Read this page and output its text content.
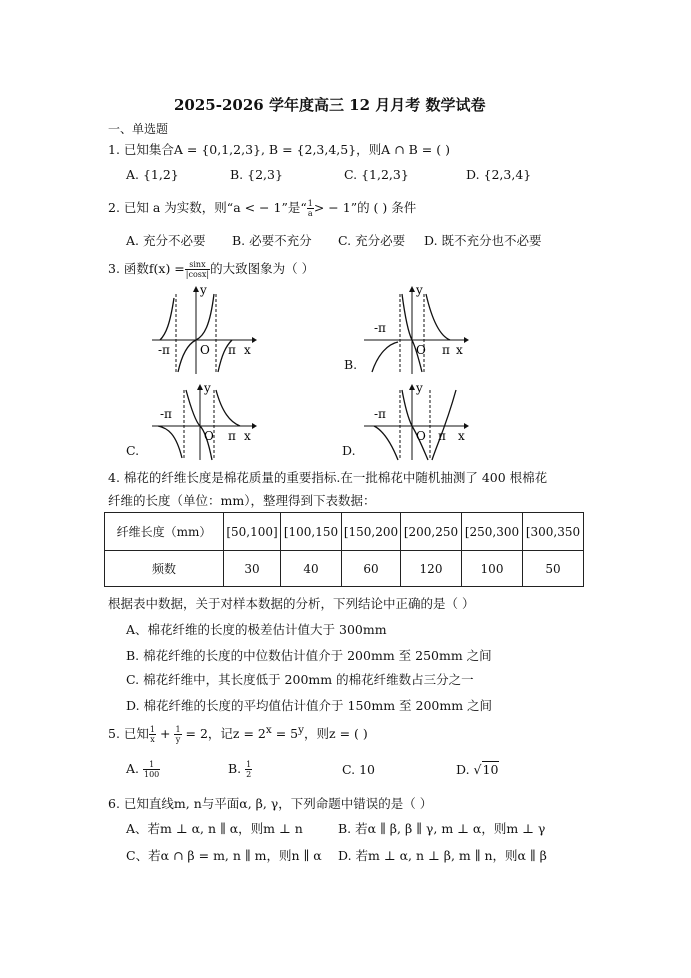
2025-2026 学年度高三 12 月月考 数学试卷
一、单选题
1. 已知集合A = {0,1,2,3}, B = {2,3,4,5}，则A ∩ B = ( )
A. {1,2}	B. {2,3}	C. {1,2,3}	D. {2,3,4}
2. 已知 a 为实数，则“a < − 1”是“ $\frac{1}{a}$ > − 1”的 ( ) 条件
A. 充分不必要 B. 必要不充分 C. 充分必要 D. 既不充分也不必要
3. 函数$f(x) = \frac{\sin x}{|\cos x|}$ 的大致图象为（ ）
y
x
O
-π	π
y
x
O
-π
π
B.
y
x
O
-π
π
C.
y
x
O
-π
π
D.
4. 棉花的纤维长度是棉花质量的重要指标.在一批棉花中随机抽测了 400 根棉花
纤维的长度（单位：mm），整理得到下表数据：
纤维长度（mm）	[50,100]	[100,150	[150,200	[200,250	[250,300	[300,350
频数	30	40	60	120	100	50
根据表中数据，关于对样本数据的分析，下列结论中正确的是（ ）
A、棉花纤维的长度的极差估计值大于 300mm
B. 棉花纤维的长度的中位数估计值介于 200mm 至 250mm 之间
C. 棉花纤维中，其长度低于 200mm 的棉花纤维数占三分之一
D. 棉花纤维的长度的平均值估计值介于 150mm 至 200mm 之间
5. 已知 $\frac{1}{x} + \frac{1}{y} = 2$，记$z = 2^x = 5^y$，则z = ( )
A. $\frac{1}{100}$	B. $\frac{1}{2}$	C. 10	D. √10
6. 已知直线m, n与平面α, β, γ，下列命题中错误的是（ ）
A、若m ⊥ α, n ∥ α，则m ⊥ n	B. 若α ∥ β, β ∥ γ, m ⊥ α，则m ⊥ γ
C、若α ∩ β = m, n ∥ m，则n ∥ α D. 若m ⊥ α, n ⊥ β, m ∥ n，则α ∥ β
